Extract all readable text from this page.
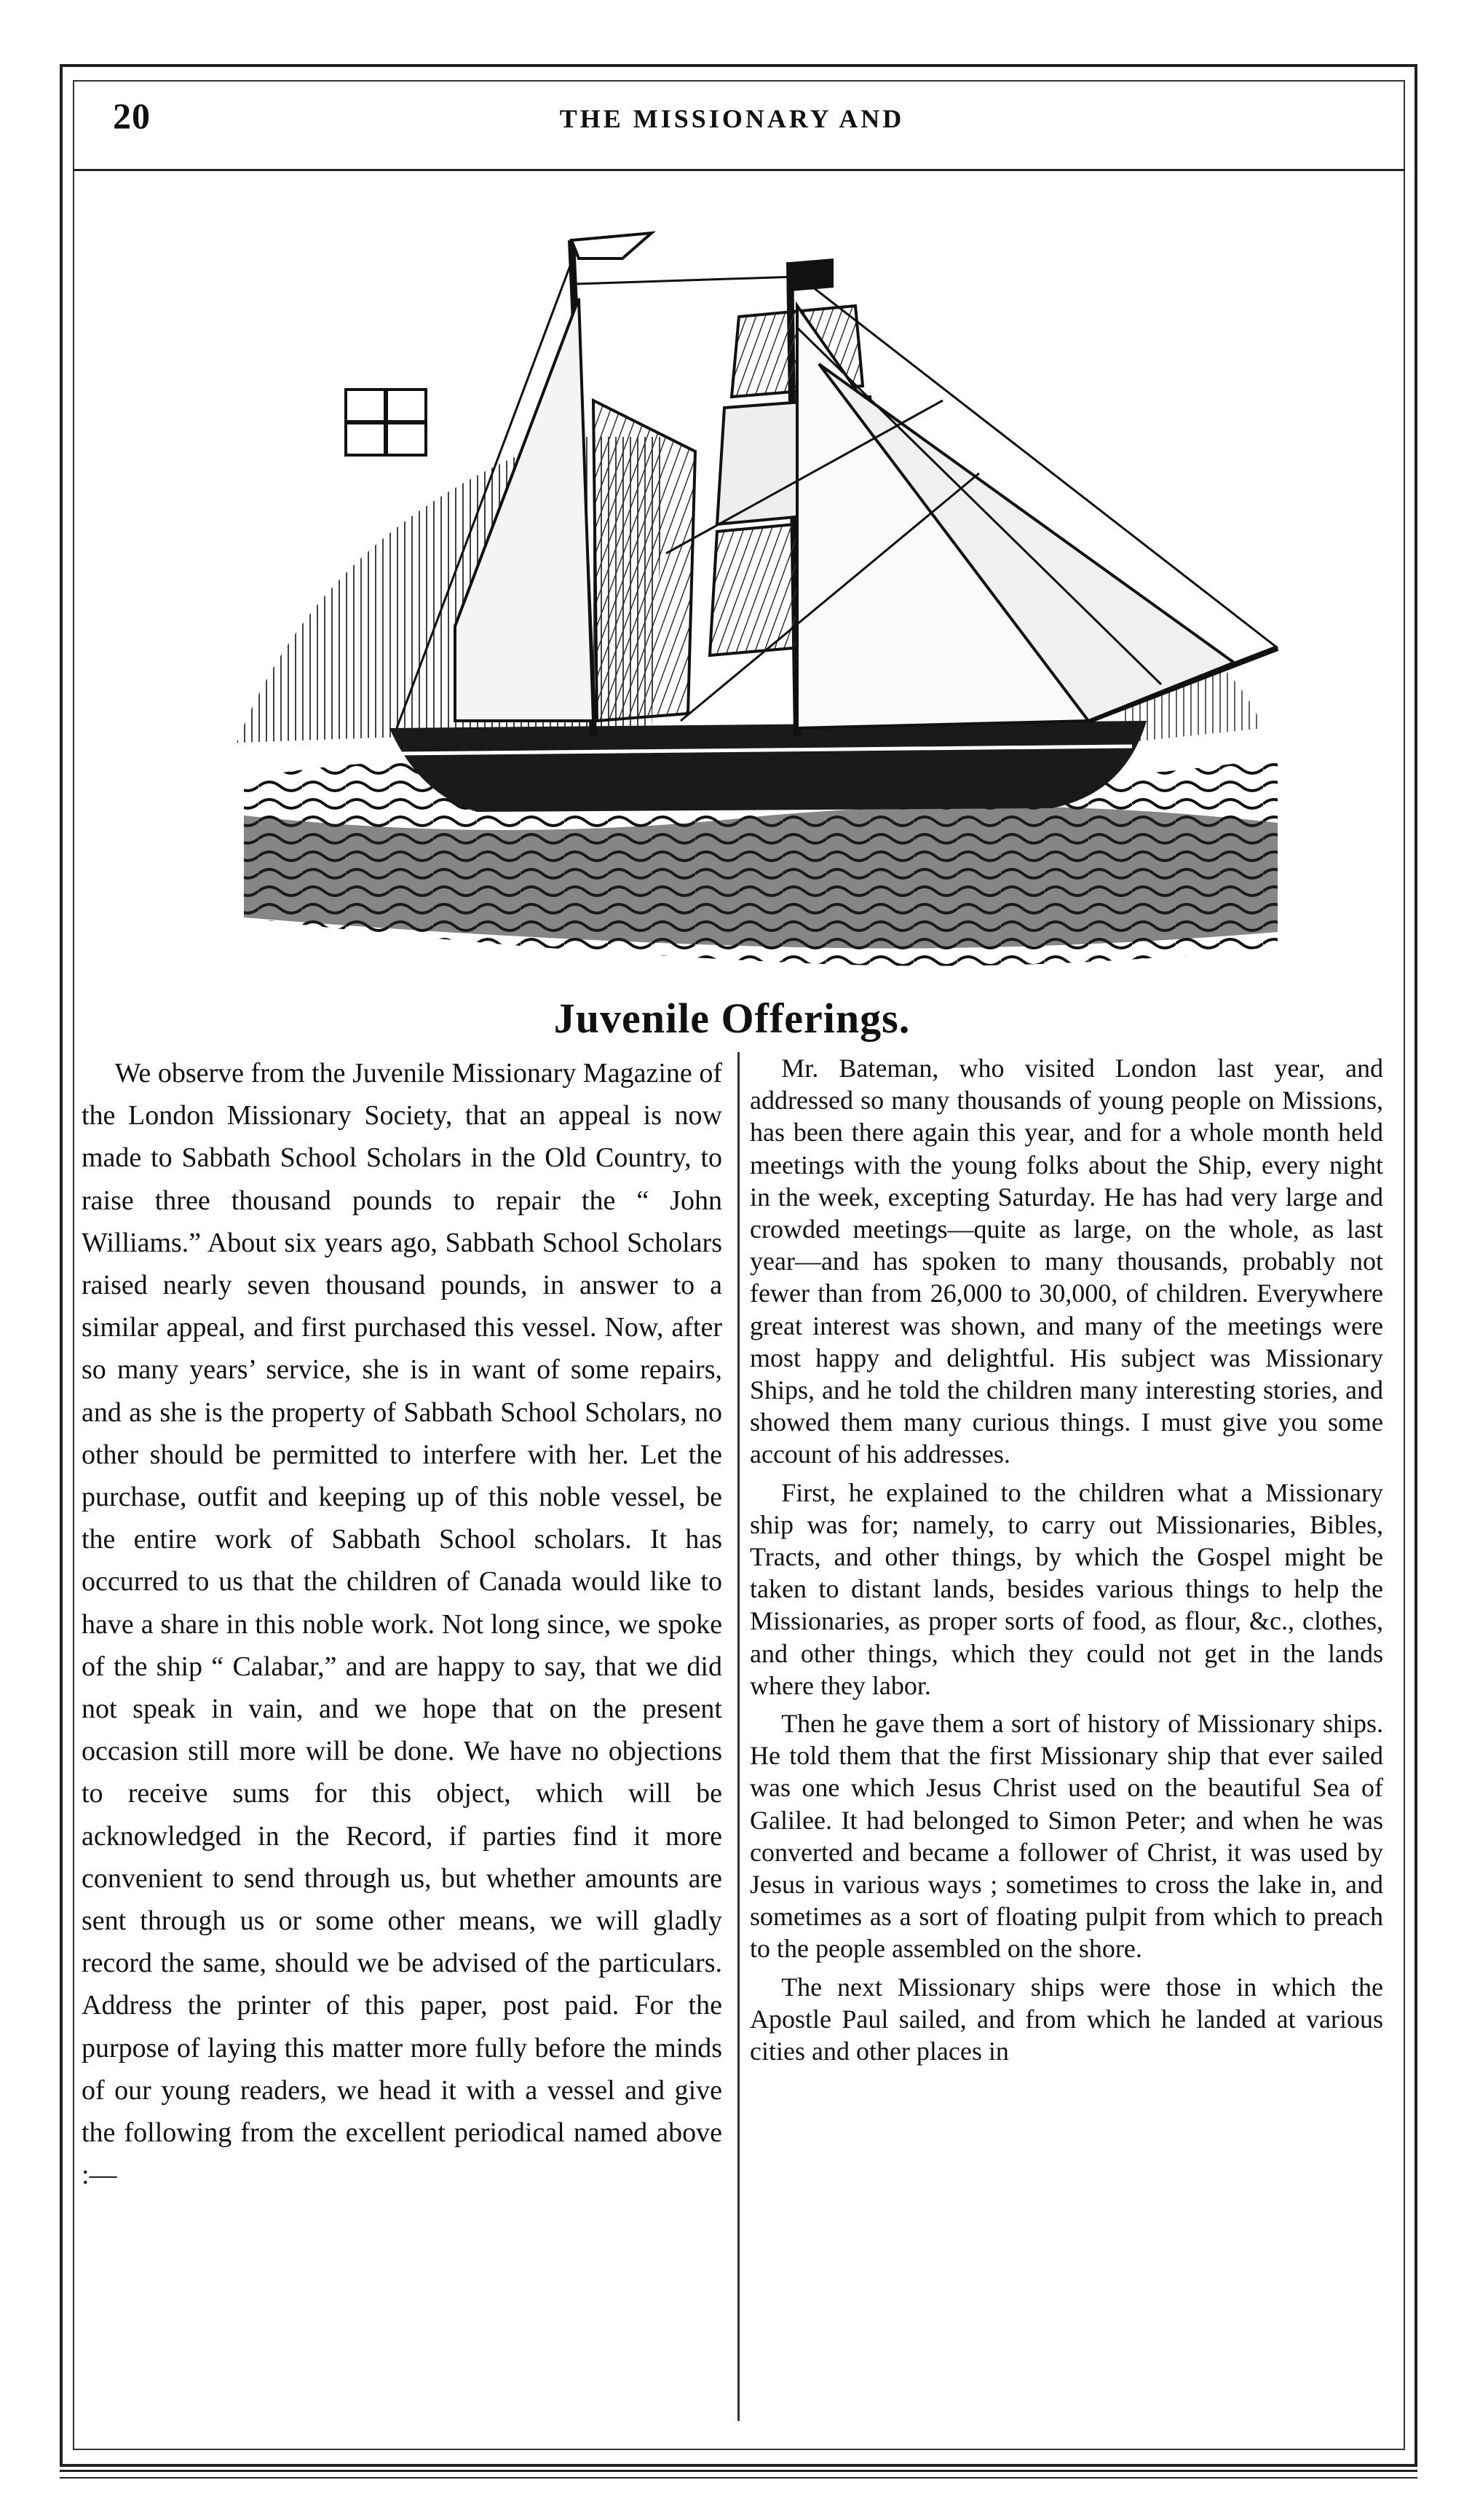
20	THE MISSIONARY AND
Juvenile Offerings.

We observe from the Juvenile Missionary Magazine of the London Missionary Society, that an appeal is now made to Sabbath School Scholars in the Old Country, to raise three thousand pounds to repair the “ John Williams.” About six years ago, Sabbath School Scholars raised nearly seven thousand pounds, in answer to a similar appeal, and first purchased this vessel. Now, after so many years’ service, she is in want of some repairs, and as she is the property of Sabbath School Scholars, no other should be permitted to interfere with her. Let the purchase, outfit and keeping up of this noble vessel, be the entire work of Sabbath School scholars. It has occurred to us that the children of Canada would like to have a share in this noble work. Not long since, we spoke of the ship “ Calabar,” and are happy to say, that we did not speak in vain, and we hope that on the present occasion still more will be done. We have no objections to receive sums for this object, which will be acknowledged in the Record, if parties find it more convenient to send through us, but whether amounts are sent through us or some other means, we will gladly record the same, should we be advised of the particulars. Address the printer of this paper, post paid. For the purpose of laying this matter more fully before the minds of our young readers, we head it with a vessel and give the following from the excellent periodical named above :—

Mr. Bateman, who visited London last year, and addressed so many thousands of young people on Missions, has been there again this year, and for a whole month held meetings with the young folks about the Ship, every night in the week, excepting Saturday. He has had very large and crowded meetings—quite as large, on the whole, as last year—and has spoken to many thousands, probably not fewer than from 26,000 to 30,000, of children. Everywhere great interest was shown, and many of the meetings were most happy and delightful. His subject was Missionary Ships, and he told the children many interesting stories, and showed them many curious things. I must give you some account of his addresses.

First, he explained to the children what a Missionary ship was for; namely, to carry out Missionaries, Bibles, Tracts, and other things, by which the Gospel might be taken to distant lands, besides various things to help the Missionaries, as proper sorts of food, as flour, &c., clothes, and other things, which they could not get in the lands where they labor.

Then he gave them a sort of history of Missionary ships. He told them that the first Missionary ship that ever sailed was one which Jesus Christ used on the beautiful Sea of Galilee. It had belonged to Simon Peter; and when he was converted and became a follower of Christ, it was used by Jesus in various ways ; sometimes to cross the lake in, and sometimes as a sort of floating pulpit from which to preach to the people assembled on the shore.

The next Missionary ships were those in which the Apostle Paul sailed, and from which he landed at various cities and other places in
